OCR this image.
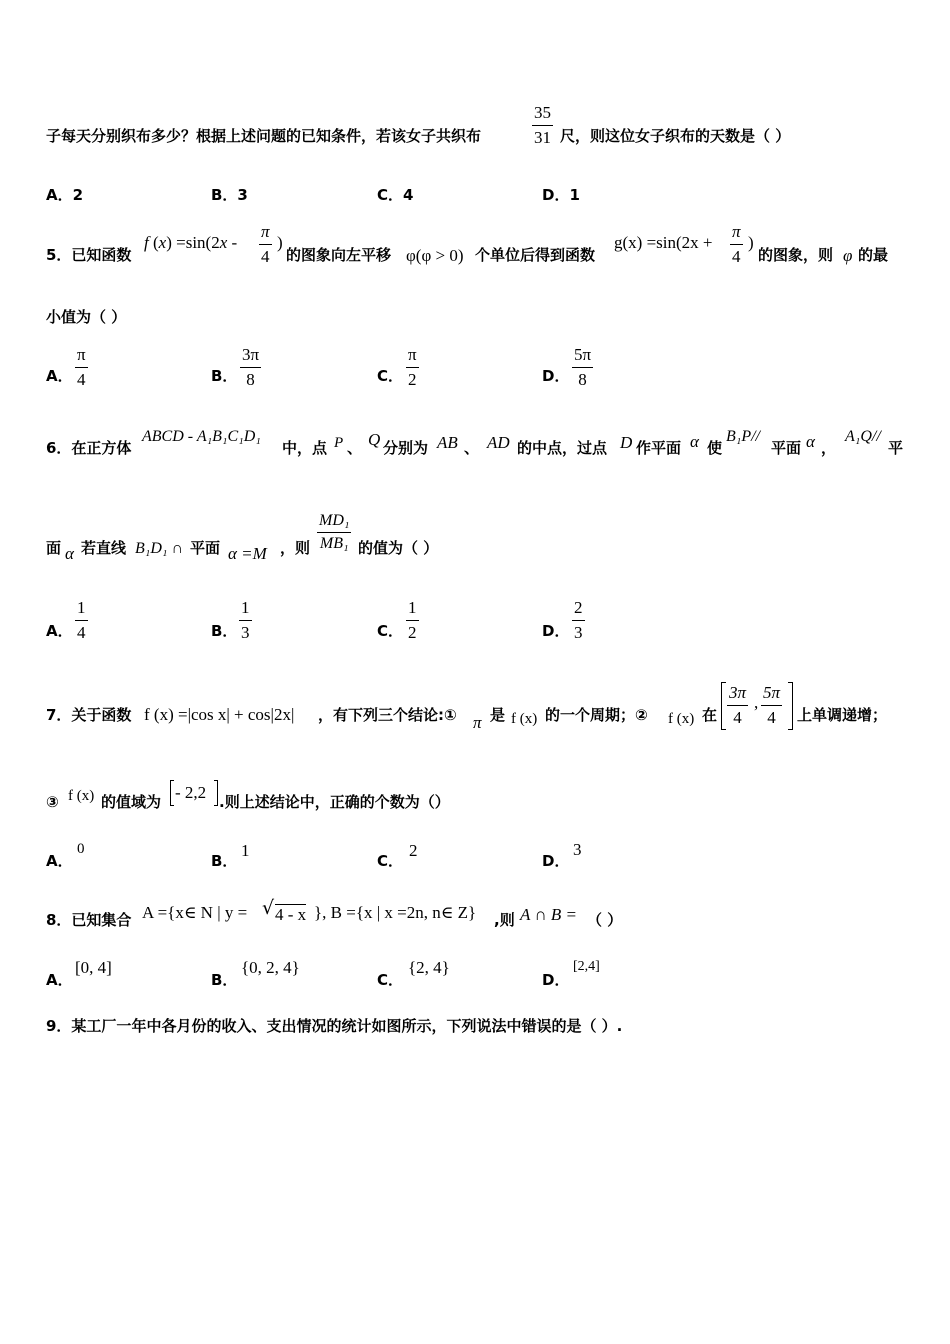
子每天分别织布多少？根据上述问题的已知条件，若该女子共织布	$\frac{35}{31}$ 尺，则这位女子织布的天数是（ ）
A．2	B．3	C．4	D．1
5．已知函数
f $(x) =\sin(2x - \frac{\pi}{4}$ )
的图象向左平移 φ(φ > 0) 个单位后得到函数
$g(x) =\sin(2x + \frac{\pi}{4}$ )
的图象，则 φ 的最
小值为（ ）
A． $\frac{\pi}{4}$	B． $\frac{3\pi}{8}$	C． $\frac{\pi}{2}$	D． $\frac{5\pi}{8}$
6．在正方体
ABCD - A₁B₁C₁D₁
中，点 P 、 Q 分别为 AB 、 AD 的中点，过点 D 作平面 α 使
B₁P//
平面 α ，
A₁Q//
平
面 α 若直线 B₁D₁ ∩ 平面 α =M ，则 $\frac{\text{MD₁}}{\text{MB₁}}$ 的值为（ ）
A． $\frac{1}{4}$	B． $\frac{1}{3}$	C． $\frac{1}{2}$	D． $\frac{2}{3}$
7．关于函数 f (x) =|cos x| + cos|2x| ，有下列三个结论:① π 是 f (x) 的一个周期；② f (x) 在 $\frac{3\pi}{4}$ , $\frac{5\pi}{4}$ 上单调递增；
③ f (x) 的值域为 - 2,2 .则上述结论中，正确的个数为（）
A．
0
B．
1
C．
2
D．
3
8．已知集合 A ={x∈ N | y = √ 4 - x }, B ={x | x =2n, n∈ Z} ,则 A ∩ B = （ ）
A．
[0, 4]
B．
{0, 2, 4}
C．
{2, 4}
D．
[2,4]
9．某工厂一年中各月份的收入、支出情况的统计如图所示，下列说法中错误的是（ ）.
